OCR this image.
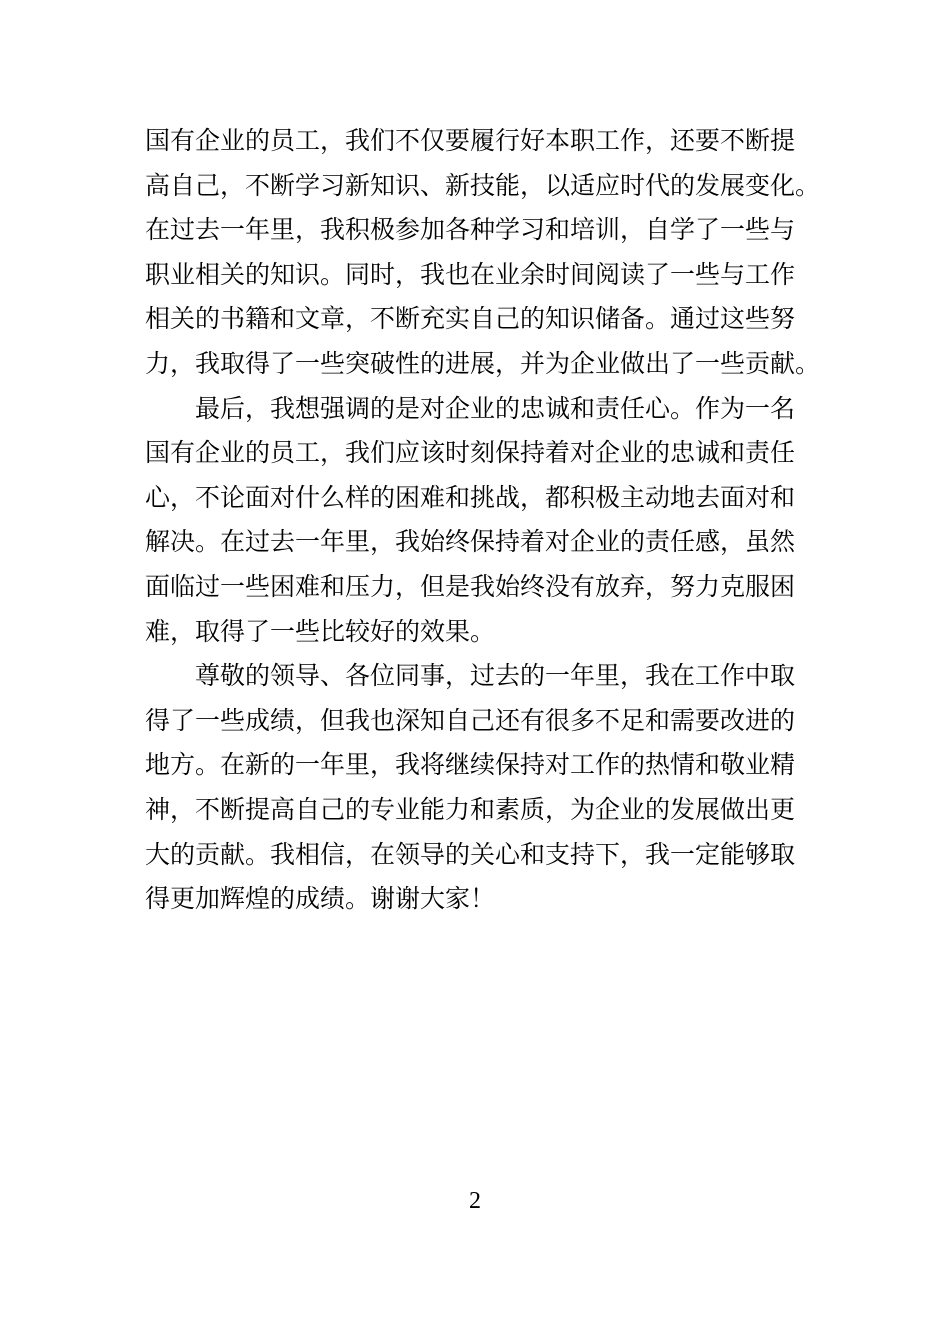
国有企业的员工，我们不仅要履行好本职工作，还要不断提
高自己，不断学习新知识、新技能，以适应时代的发展变化。
在过去一年里，我积极参加各种学习和培训，自学了一些与
职业相关的知识。同时，我也在业余时间阅读了一些与工作
相关的书籍和文章，不断充实自己的知识储备。通过这些努
力，我取得了一些突破性的进展，并为企业做出了一些贡献。
最后，我想强调的是对企业的忠诚和责任心。作为一名
国有企业的员工，我们应该时刻保持着对企业的忠诚和责任
心，不论面对什么样的困难和挑战，都积极主动地去面对和
解决。在过去一年里，我始终保持着对企业的责任感，虽然
面临过一些困难和压力，但是我始终没有放弃，努力克服困
难，取得了一些比较好的效果。
尊敬的领导、各位同事，过去的一年里，我在工作中取
得了一些成绩，但我也深知自己还有很多不足和需要改进的
地方。在新的一年里，我将继续保持对工作的热情和敬业精
神，不断提高自己的专业能力和素质，为企业的发展做出更
大的贡献。我相信，在领导的关心和支持下，我一定能够取
得更加辉煌的成绩。谢谢大家！
2
